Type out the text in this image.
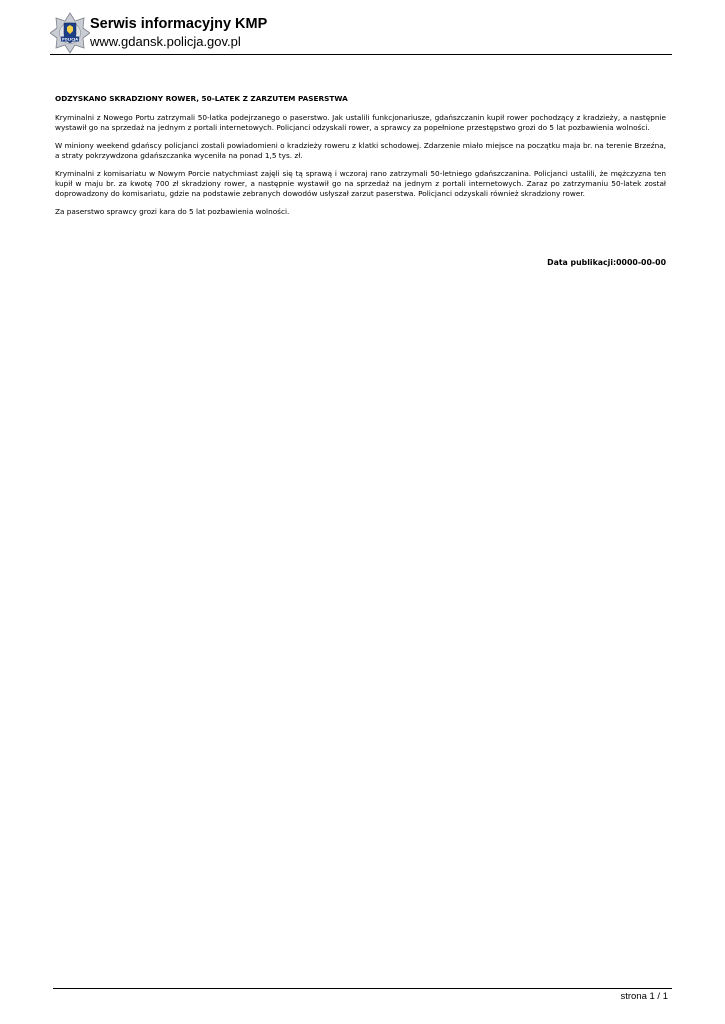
POLICJA
Serwis informacyjny KMP
www.gdansk.policja.gov.pl
ODZYSKANO SKRADZIONY ROWER, 50-LATEK Z ZARZUTEM PASERSTWA

Kryminalni z Nowego Portu zatrzymali 50-latka podejrzanego o paserstwo. Jak ustalili funkcjonariusze, gdańszczanin kupił rower pochodzący z kradzieży, a następnie wystawił go na sprzedaż na jednym z portali internetowych. Policjanci odzyskali rower, a sprawcy za popełnione przestępstwo grozi do 5 lat pozbawienia wolności.

W miniony weekend gdańscy policjanci zostali powiadomieni o kradzieży roweru z klatki schodowej. Zdarzenie miało miejsce na początku maja br. na terenie Brzeźna, a straty pokrzywdzona gdańszczanka wyceniła na ponad 1,5 tys. zł.

Kryminalni z komisariatu w Nowym Porcie natychmiast zajęli się tą sprawą i wczoraj rano zatrzymali 50-letniego gdańszczanina. Policjanci ustalili, że mężczyzna ten kupił w maju br. za kwotę 700 zł skradziony rower, a następnie wystawił go na sprzedaż na jednym z portali internetowych. Zaraz po zatrzymaniu 50-latek został doprowadzony do komisariatu, gdzie na podstawie zebranych dowodów usłyszał zarzut paserstwa. Policjanci odzyskali również skradziony rower.

Za paserstwo sprawcy grozi kara do 5 lat pozbawienia wolności.

Data publikacji:0000-00-00
strona 1 / 1
